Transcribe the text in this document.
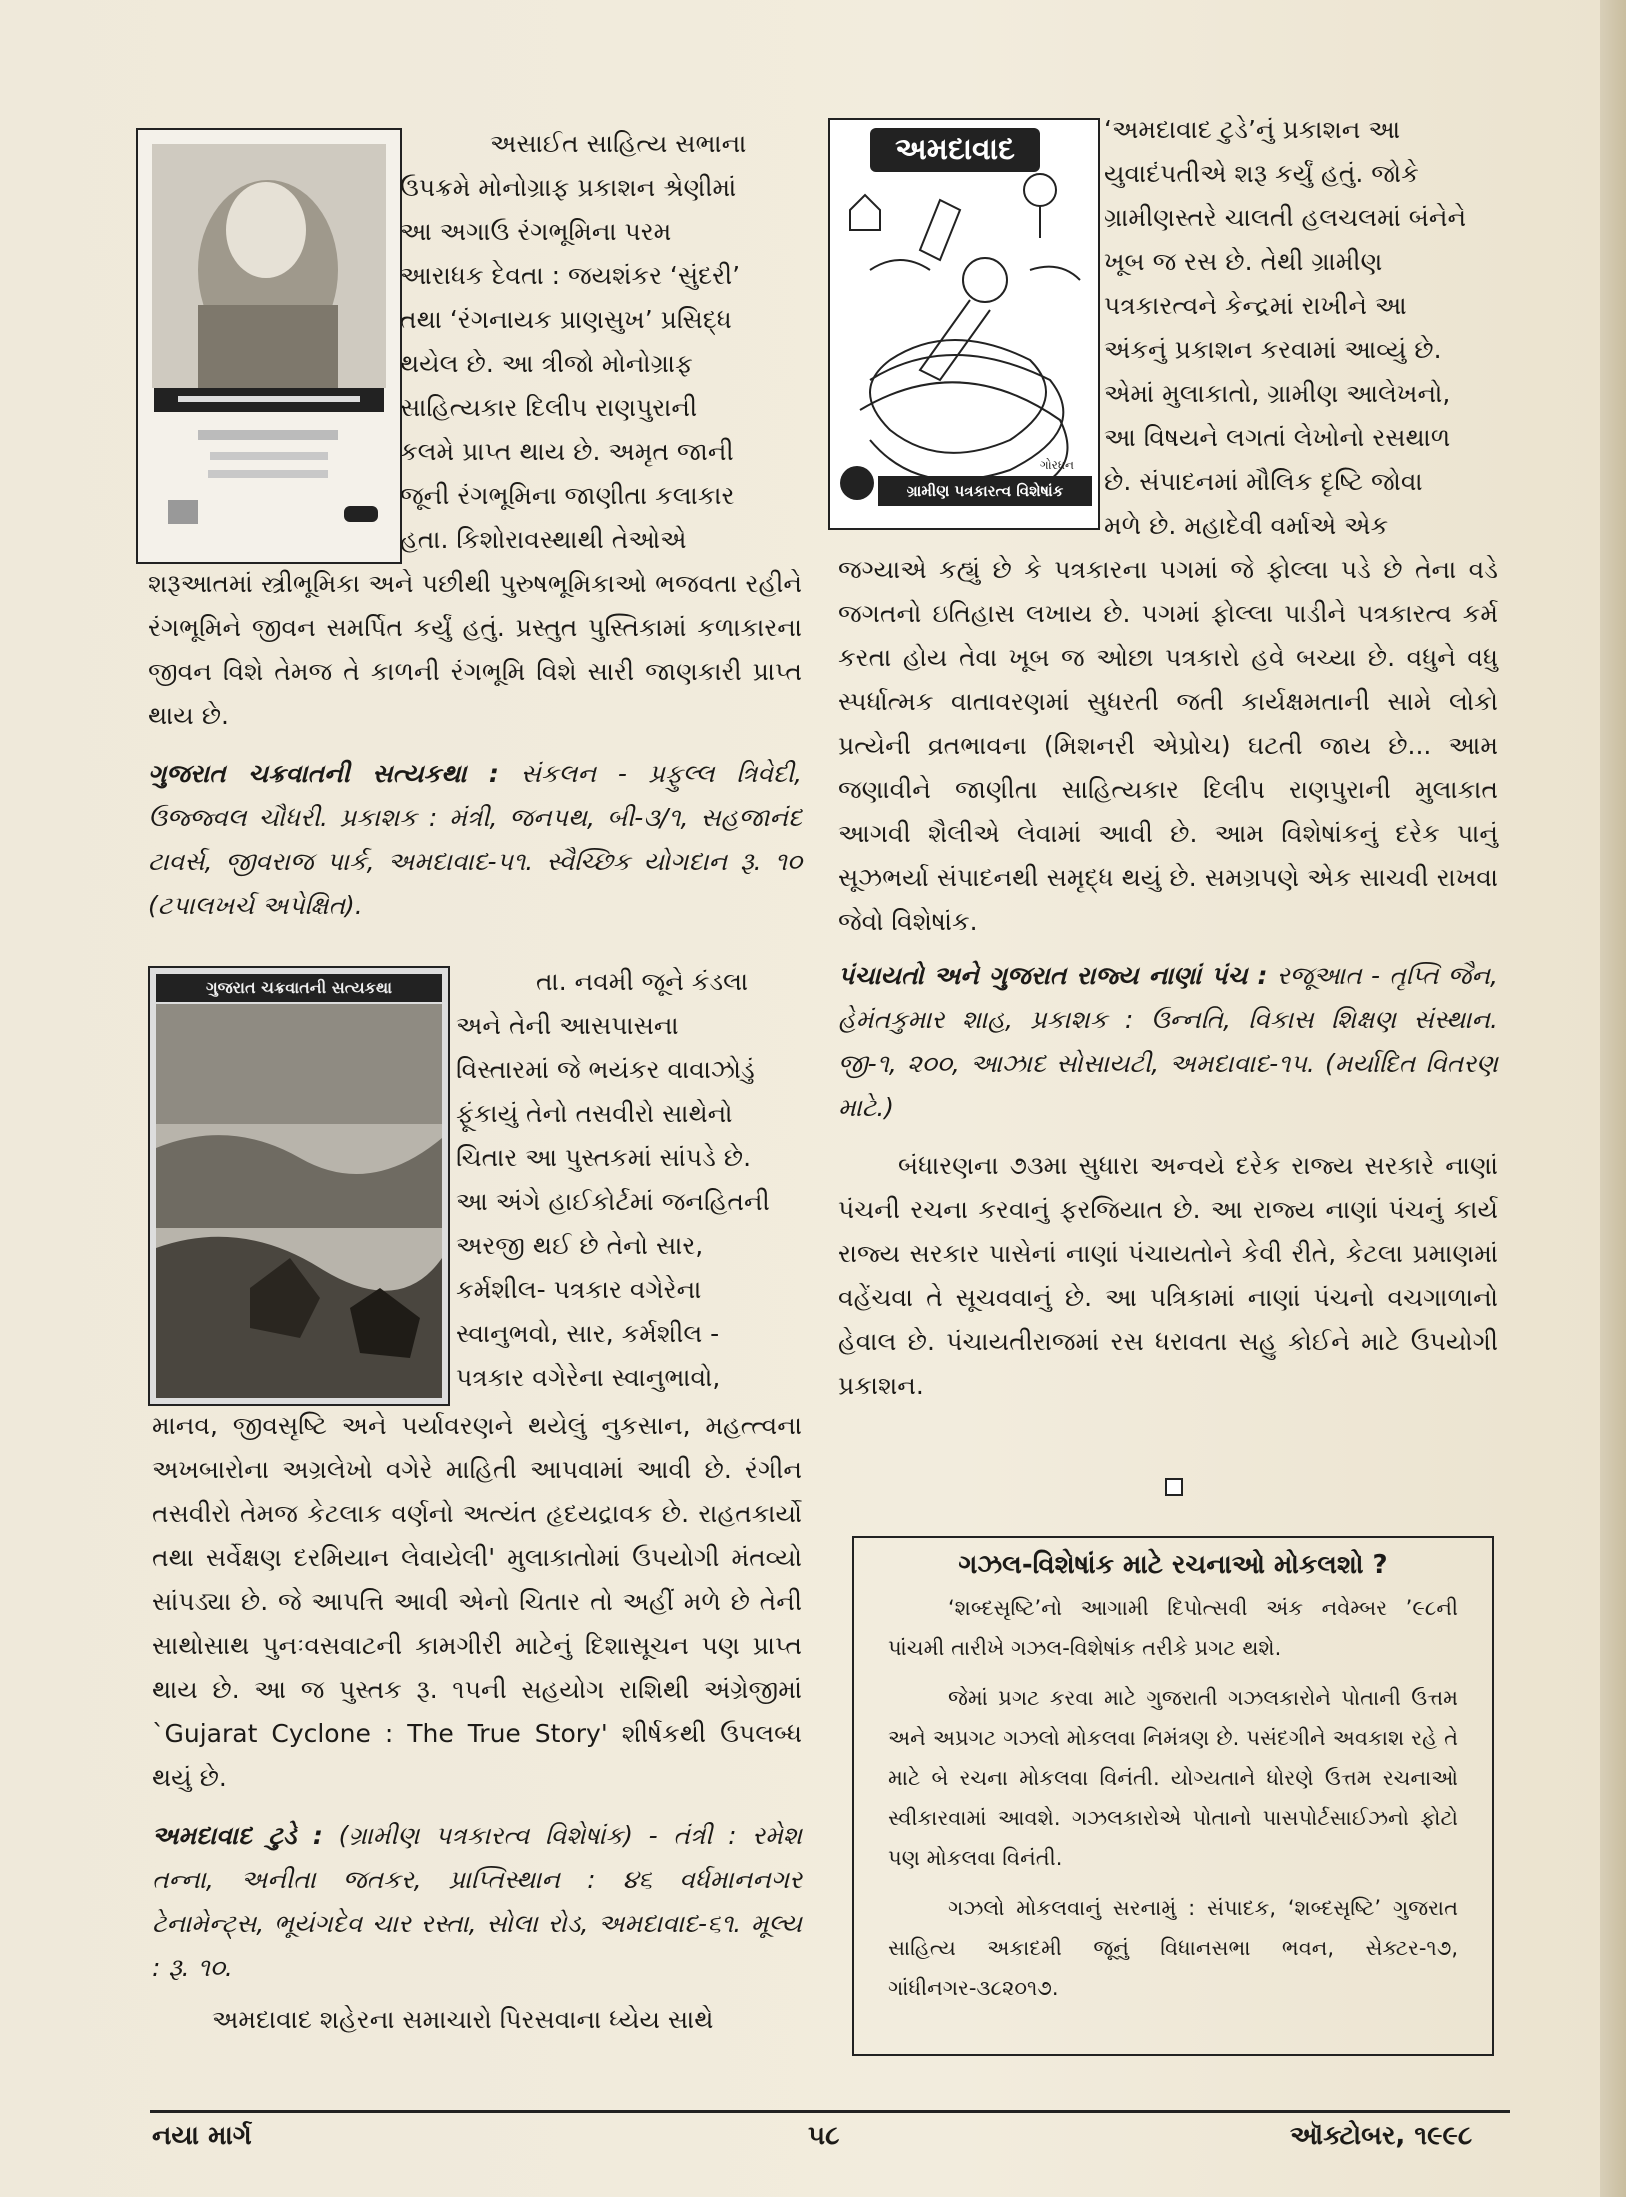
ગુજરાત ચક્રવાતની સત્યકથા
અમદાવાદ
ગોરધન
ગ્રામીણ પત્રકારત્વ વિશેષાંક

અસાઈત સાહિત્ય સભાના

ઉપક્રમે મોનોગ્રાફ પ્રકાશન શ્રેણીમાં

આ અગાઉ રંગભૂમિના પરમ

આરાધક દેવતા : જયશંકર ‘સુંદરી’

તથા ‘રંગનાયક પ્રાણસુખ’ પ્રસિદ્ધ

થયેલ છે. આ ત્રીજો મોનોગ્રાફ

સાહિત્યકાર દિલીપ રાણપુરાની

કલમે પ્રાપ્ત થાય છે. અમૃત જાની

જૂની રંગભૂમિના જાણીતા કલાકાર

હતા. કિશોરાવસ્થાથી તેઓએ

શરૂઆતમાં સ્ત્રીભૂમિકા અને પછીથી પુરુષભૂમિકાઓ ભજવતા રહીને રંગભૂમિને જીવન સમર્પિત કર્યું હતું. પ્રસ્તુત પુસ્તિકામાં કળાકારના જીવન વિશે તેમજ તે કાળની રંગભૂમિ વિશે સારી જાણકારી પ્રાપ્ત થાય છે.

ગુજરાત ચક્રવાતની સત્યકથા : સંકલન - પ્રફુલ્લ ત્રિવેદી, ઉજ્જ્વલ ચૌધરી. પ્રકાશક : મંત્રી, જનપથ, બી-૩/૧, સહજાનંદ ટાવર્સ, જીવરાજ પાર્ક, અમદાવાદ-૫૧. સ્વૈચ્છિક યોગદાન રૂ. ૧૦ (ટપાલખર્ચ અપેક્ષિત).

તા. નવમી જૂને કંડલા

અને તેની આસપાસના

વિસ્તારમાં જે ભયંકર વાવાઝોડું

ફૂંકાયું તેનો તસવીરો સાથેનો

ચિતાર આ પુસ્તકમાં સાંપડે છે.

આ અંગે હાઈકોર્ટમાં જનહિતની

અરજી થઈ છે તેનો સાર,

કર્મશીલ- પત્રકાર વગેરેના

સ્વાનુભવો, સાર, કર્મશીલ -

પત્રકાર વગેરેના સ્વાનુભાવો,

માનવ, જીવસૃષ્ટિ અને પર્યાવરણને થયેલું નુકસાન, મહત્ત્વના અખબારોના અગ્રલેખો વગેરે માહિતી આપવામાં આવી છે. રંગીન તસવીરો તેમજ કેટલાક વર્ણનો અત્યંત હૃદયદ્રાવક છે. રાહતકાર્યો તથા સર્વેક્ષણ દરમિયાન લેવાયેલી' મુલાકાતોમાં ઉપયોગી મંતવ્યો સાંપડ્યા છે. જે આપત્તિ આવી એનો ચિતાર તો અહીં મળે છે તેની સાથોસાથ પુનઃવસવાટની કામગીરી માટેનું દિશાસૂચન પણ પ્રાપ્ત થાય છે. આ જ પુસ્તક રૂ. ૧૫ની સહયોગ રાશિથી અંગ્રેજીમાં `Gujarat Cyclone : The True Story' શીર્ષકથી ઉપલબ્ધ થયું છે.

અમદાવાદ ટુડે : (ગ્રામીણ પત્રકારત્વ વિશેષાંક) - તંત્રી : રમેશ તન્ના, અનીતા જતકર, પ્રાપ્તિસ્થાન : ૪૬ વર્ધમાનનગર ટેનામેન્ટ્સ, ભૂયંગદેવ ચાર રસ્તા, સોલા રોડ, અમદાવાદ-૬૧. મૂલ્ય : રૂ. ૧૦.

અમદાવાદ શહેરના સમાચારો પિરસવાના ધ્યેય સાથે

‘અમદાવાદ ટુડે’નું પ્રકાશન આ

યુવાદંપતીએ શરૂ કર્યું હતું. જોકે

ગ્રામીણસ્તરે ચાલતી હલચલમાં બંનેને

ખૂબ જ રસ છે. તેથી ગ્રામીણ

પત્રકારત્વને કેન્દ્રમાં રાખીને આ

અંકનું પ્રકાશન કરવામાં આવ્યું છે.

એમાં મુલાકાતો, ગ્રામીણ આલેખનો,

આ વિષયને લગતાં લેખોનો રસથાળ

છે. સંપાદનમાં મૌલિક દૃષ્ટિ જોવા

મળે છે. મહાદેવી વર્માએ એક

જગ્યાએ કહ્યું છે કે પત્રકારના પગમાં જે ફોલ્લા પડે છે તેના વડે જગતનો ઇતિહાસ લખાય છે. પગમાં ફોલ્લા પાડીને પત્રકારત્વ કર્મ કરતા હોય તેવા ખૂબ જ ઓછા પત્રકારો હવે બચ્યા છે. વધુને વધુ સ્પર્ધાત્મક વાતાવરણમાં સુધરતી જતી કાર્યક્ષમતાની સામે લોકો પ્રત્યેની વ્રતભાવના (મિશનરી એપ્રોચ) ઘટતી જાય છે... આમ જણાવીને જાણીતા સાહિત્યકાર દિલીપ રાણપુરાની મુલાકાત આગવી શૈલીએ લેવામાં આવી છે. આમ વિશેષાંકનું દરેક પાનું સૂઝભર્યા સંપાદનથી સમૃદ્ધ થયું છે. સમગ્રપણે એક સાચવી રાખવા જેવો વિશેષાંક.

પંચાયતો અને ગુજરાત રાજ્ય નાણાં પંચ : રજૂઆત - તૃપ્તિ જૈન, હેમંતકુમાર શાહ, પ્રકાશક : ઉન્નતિ, વિકાસ શિક્ષણ સંસ્થાન. જી-૧, ૨૦૦, આઝાદ સોસાયટી, અમદાવાદ-૧૫. (મર્યાદિત વિતરણ માટે.)

બંધારણના ૭૩મા સુધારા અન્વયે દરેક રાજ્ય સરકારે નાણાં પંચની રચના કરવાનું ફરજિયાત છે. આ રાજ્ય નાણાં પંચનું કાર્ય રાજ્ય સરકાર પાસેનાં નાણાં પંચાયતોને કેવી રીતે, કેટલા પ્રમાણમાં વહેંચવા તે સૂચવવાનું છે. આ પત્રિકામાં નાણાં પંચનો વચગાળાનો હેવાલ છે. પંચાયતીરાજમાં રસ ધરાવતા સહુ કોઈને માટે ઉપયોગી પ્રકાશન.

ગઝલ-વિશેષાંક માટે રચનાઓ મોકલશો ?

‘શબ્દસૃષ્ટિ’નો આગામી દિપોત્સવી અંક નવેમ્બર ’૯૮ની પાંચમી તારીખે ગઝલ-વિશેષાંક તરીકે પ્રગટ થશે.

જેમાં પ્રગટ કરવા માટે ગુજરાતી ગઝલકારોને પોતાની ઉત્તમ અને અપ્રગટ ગઝલો મોકલવા નિમંત્રણ છે. પસંદગીને અવકાશ રહે તે માટે બે રચના મોકલવા વિનંતી. યોગ્યતાને ધોરણે ઉત્તમ રચનાઓ સ્વીકારવામાં આવશે. ગઝલકારોએ પોતાનો પાસપોર્ટસાઈઝનો ફોટો પણ મોકલવા વિનંતી.

ગઝલો મોકલવાનું સરનામું : સંપાદક, ‘શબ્દસૃષ્ટિ’ ગુજરાત સાહિત્ય અકાદમી જૂનું વિધાનસભા ભવન, સેક્ટર-૧૭, ગાંધીનગર-૩૮૨૦૧૭.

નયા માર્ગ	૫૮	ઑક્ટોબર, ૧૯૯૮
